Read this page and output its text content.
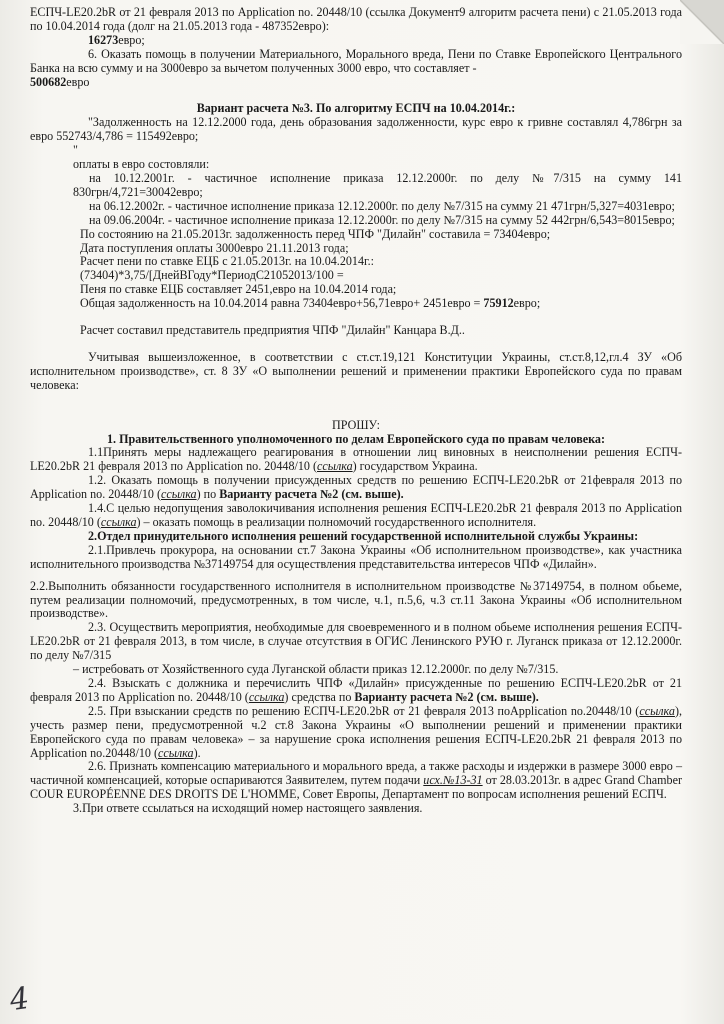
ЕСПЧ-LE20.2bR от 21 февраля 2013 по Application no. 20448/10 (ссылка Документ9 алгоритм расчета пени) с 21.05.2013 года по 10.04.2014 года (долг на 21.05.2013 года - 487352евро):

16273евро;

6. Оказать помощь в получении Материального, Морального вреда, Пени по Ставке Европейского Центрального Банка на всю сумму и на 3000евро за вычетом полученных 3000 евро, что составляет -

500682евро

Вариант расчета №3. По алгоритму ЕСПЧ на 10.04.2014г.:

"Задолженность на 12.12.2000 года, день образования задолженности, курс евро к гривне составлял 4,786грн за евро 552743/4,786 = 115492евро;

"

оплаты в евро состовляли:

на 10.12.2001г. - частичное исполнение приказа 12.12.2000г. по делу №7/315 на сумму 141 830грн/4,721=30042евро;

на 06.12.2002г. - частичное исполнение приказа 12.12.2000г. по делу №7/315 на сумму 21 471грн/5,327=4031евро;

на 09.06.2004г. - частичное исполнение приказа 12.12.2000г. по делу №7/315 на сумму 52 442грн/6,543=8015евро;

По состоянию на 21.05.2013г. задолженность перед ЧПФ "Дилайн" составила = 73404евро;

Дата поступления оплаты 3000евро 21.11.2013 года;

Расчет пени по ставке ЕЦБ с 21.05.2013г. на 10.04.2014г.:

(73404)*3,75/[ДнейВГоду*ПериодС21052013/100 =

Пеня по ставке ЕЦБ составляет 2451,евро на 10.04.2014 года;

Общая задолженность на 10.04.2014 равна 73404евро+56,71евро+ 2451евро = 75912евро;

Расчет составил представитель предприятия ЧПФ "Дилайн" Канцара В.Д..

Учитывая вышеизложенное, в соответствии с ст.ст.19,121 Конституции Украины, ст.ст.8,12,гл.4 ЗУ «Об исполнительном производстве», ст. 8 ЗУ «О выполнении решений и применении практики Европейского суда по правам человека:

ПРОШУ:

1. Правительственного уполномоченного по делам Европейского суда по правам человека:

1.1Принять меры надлежащего реагирования в отношении лиц виновных в неисполнении решения ЕСПЧ-LE20.2bR 21 февраля 2013 по Application no. 20448/10 (ссылка) государством Украина.

1.2. Оказать помощь в получении присужденных средств по решению ЕСПЧ-LE20.2bR от 21февраля 2013 по Application no. 20448/10 (ссылка) по Варианту расчета №2 (см. выше).

1.4.С целью недопущения заволокичивания исполнения решения ЕСПЧ-LE20.2bR 21 февраля 2013 по Application no. 20448/10 (ссылка) – оказать помощь в реализации полномочий государственного исполнителя.

2.Отдел принудительного исполнения решений государственной исполнительной службы Украины:

2.1.Привлечь прокурора, на основании ст.7 Закона Украины «Об исполнительном производстве», как участника исполнительного производства №37149754 для осуществления представительства интересов ЧПФ «Дилайн».

2.2.Выполнить обязанности государственного исполнителя в исполнительном производстве №37149754, в полном обьеме, путем реализации полномочий, предусмотренных, в том числе, ч.1, п.5,6, ч.3 ст.11 Закона Украины «Об исполнительном производстве».

2.3. Осуществить мероприятия, необходимые для своевременного и в полном обьеме исполнения решения ЕСПЧ-LE20.2bR от 21 февраля 2013, в том числе, в случае отсутствия в ОГИС Ленинского РУЮ г. Луганск приказа от 12.12.2000г. по делу №7/315

– истребовать от Хозяйственного суда Луганской области приказ 12.12.2000г. по делу №7/315.

2.4. Взыскать с должника и перечислить ЧПФ «Дилайн» присужденные по решению ЕСПЧ-LE20.2bR от 21 февраля 2013 по Application no. 20448/10 (ссылка) средства по Варианту расчета №2 (см. выше).

2.5. При взыскании средств по решению ЕСПЧ-LE20.2bR от 21 февраля 2013 поApplication no.20448/10 (ссылка), учесть размер пени, предусмотренной ч.2 ст.8 Закона Украины «О выполнении решений и применении практики Европейского суда по правам человека» – за нарушение срока исполнения решения ЕСПЧ-LE20.2bR 21 февраля 2013 по Application no.20448/10 (ссылка).

2.6. Признать компенсацию материального и морального вреда, а также расходы и издержки в размере 3000 евро – частичной компенсацией, которые оспариваются Заявителем, путем подачи исх.№13-31 от 28.03.2013г. в адрес Grand Chamber COUR EUROPÉENNE DES DROITS DE L'HOMME, Совет Европы, Департамент по вопросам исполнения решений ЕСПЧ.

3.При ответе ссылаться на исходящий номер настоящего заявления.

4
